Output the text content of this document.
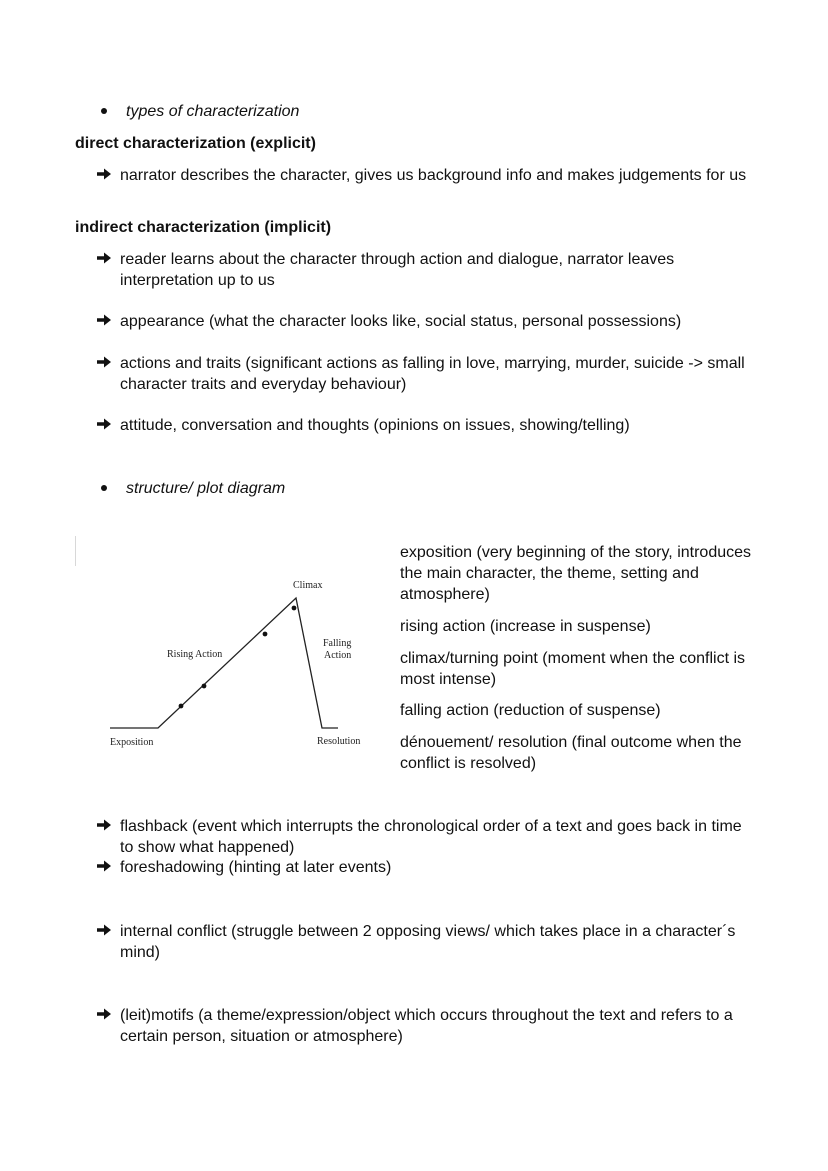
types of characterization
direct characterization (explicit)
narrator describes the character, gives us background info and makes judgements for us
indirect characterization (implicit)
reader learns about the character through action and dialogue, narrator leaves interpretation up to us
appearance (what the character looks like, social status, personal possessions)
actions and traits (significant actions as falling in love, marrying, murder, suicide -> small character traits and everyday behaviour)
attitude, conversation and thoughts (opinions on issues, showing/telling)
structure/ plot diagram
Climax
Rising Action
Falling
Action
Exposition	Resolution
exposition (very beginning of the story, introduces the main character, the theme, setting and atmosphere)
rising action (increase in suspense)
climax/turning point (moment when the conflict is most intense)
falling action (reduction of suspense)
dénouement/ resolution (final outcome when the conflict is resolved)
flashback (event which interrupts the chronological order of a text and goes back in time to show what happened)
foreshadowing (hinting at later events)
internal conflict (struggle between 2 opposing views/ which takes place in a character´s mind)
(leit)motifs (a theme/expression/object which occurs throughout the text and refers to a certain person, situation or atmosphere)
